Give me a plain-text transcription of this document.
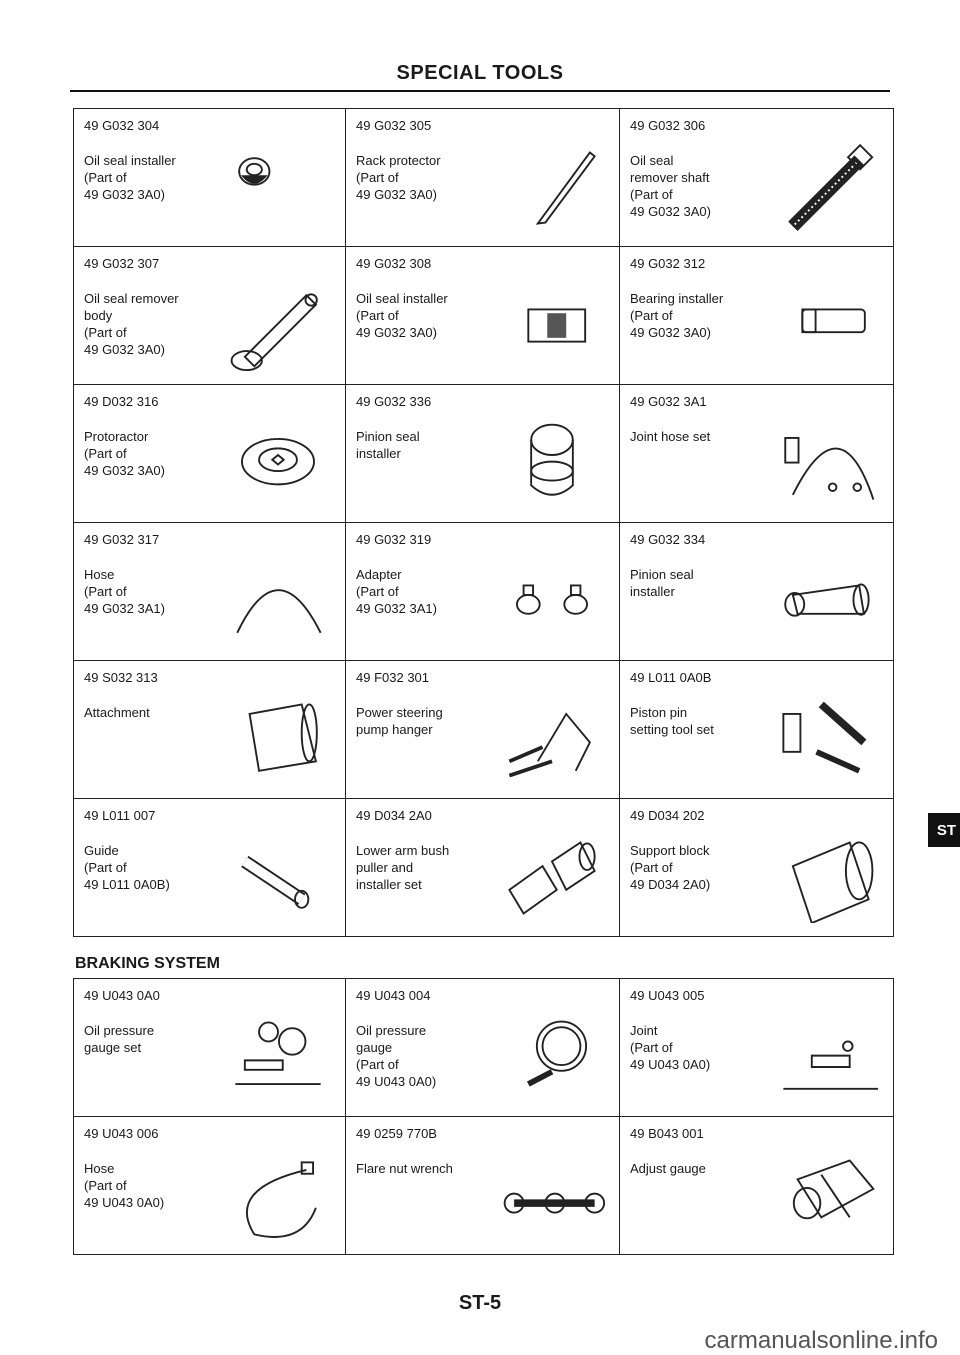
SPECIAL TOOLS
49 G032 304
Oil seal installer
(Part of
49 G032 3A0)
49 G032 305
Rack protector
(Part of
49 G032 3A0)
49 G032 306
Oil seal
remover shaft
(Part of
49 G032 3A0)
49 G032 307
Oil seal remover
body
(Part of
49 G032 3A0)
49 G032 308
Oil seal installer
(Part of
49 G032 3A0)
49 G032 312
Bearing installer
(Part of
49 G032 3A0)
49 D032 316
Protoractor
(Part of
49 G032 3A0)
49 G032 336
Pinion seal
installer
49 G032 3A1
Joint hose set
49 G032 317
Hose
(Part of
49 G032 3A1)
49 G032 319
Adapter
(Part of
49 G032 3A1)
49 G032 334
Pinion seal
installer
49 S032 313
Attachment
49 F032 301
Power steering
pump hanger
49 L011 0A0B
Piston pin
setting tool set
49 L011 007
Guide
(Part of
49 L011 0A0B)
49 D034 2A0
Lower arm bush
puller and
installer set
49 D034 202
Support block
(Part of
49 D034 2A0)
BRAKING SYSTEM
49 U043 0A0
Oil pressure
gauge set
49 U043 004
Oil pressure
gauge
(Part of
49 U043 0A0)
49 U043 005
Joint
(Part of
49 U043 0A0)
49 U043 006
Hose
(Part of
49 U043 0A0)
49 0259 770B
Flare nut wrench
49 B043 001
Adjust gauge
ST-5
ST
carmanualsonline.info
